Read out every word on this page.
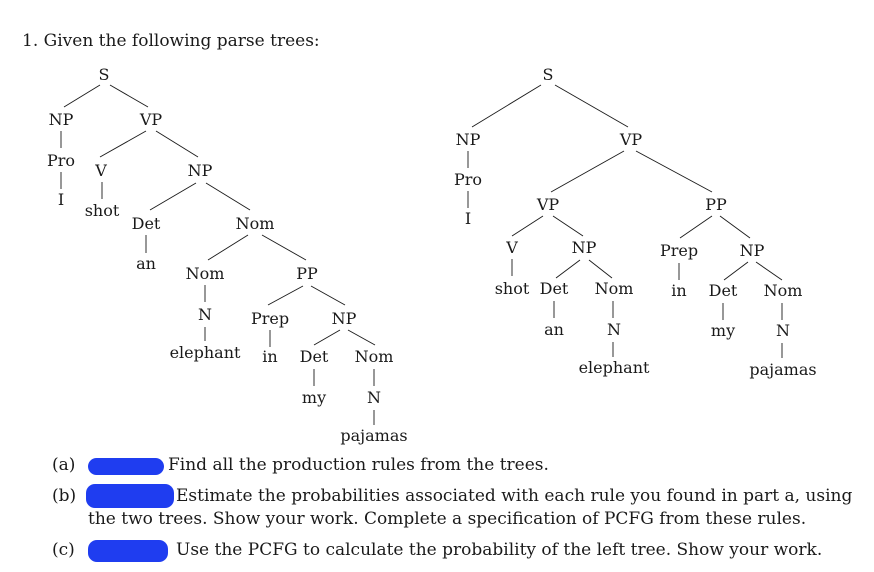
1. Given the following parse trees:
S
NP	VP
Pro
I
V
shot
NP
Det
an
Nom
Nom
N
elephant
PP
Prep
in
NP
Det
my
Nom
N
pajamas
S
NP
Pro
I
VP
VP
V
shot
NP
Det
an
Nom
N
elephant
PP
Prep
in
NP
Det
my
Nom
N
pajamas
(a)	Find all the production rules from the trees.
(b)	Estimate the probabilities associated with each rule you found in part a, using
the two trees. Show your work. Complete a specification of PCFG from these rules.
(c)	Use the PCFG to calculate the probability of the left tree. Show your work.
